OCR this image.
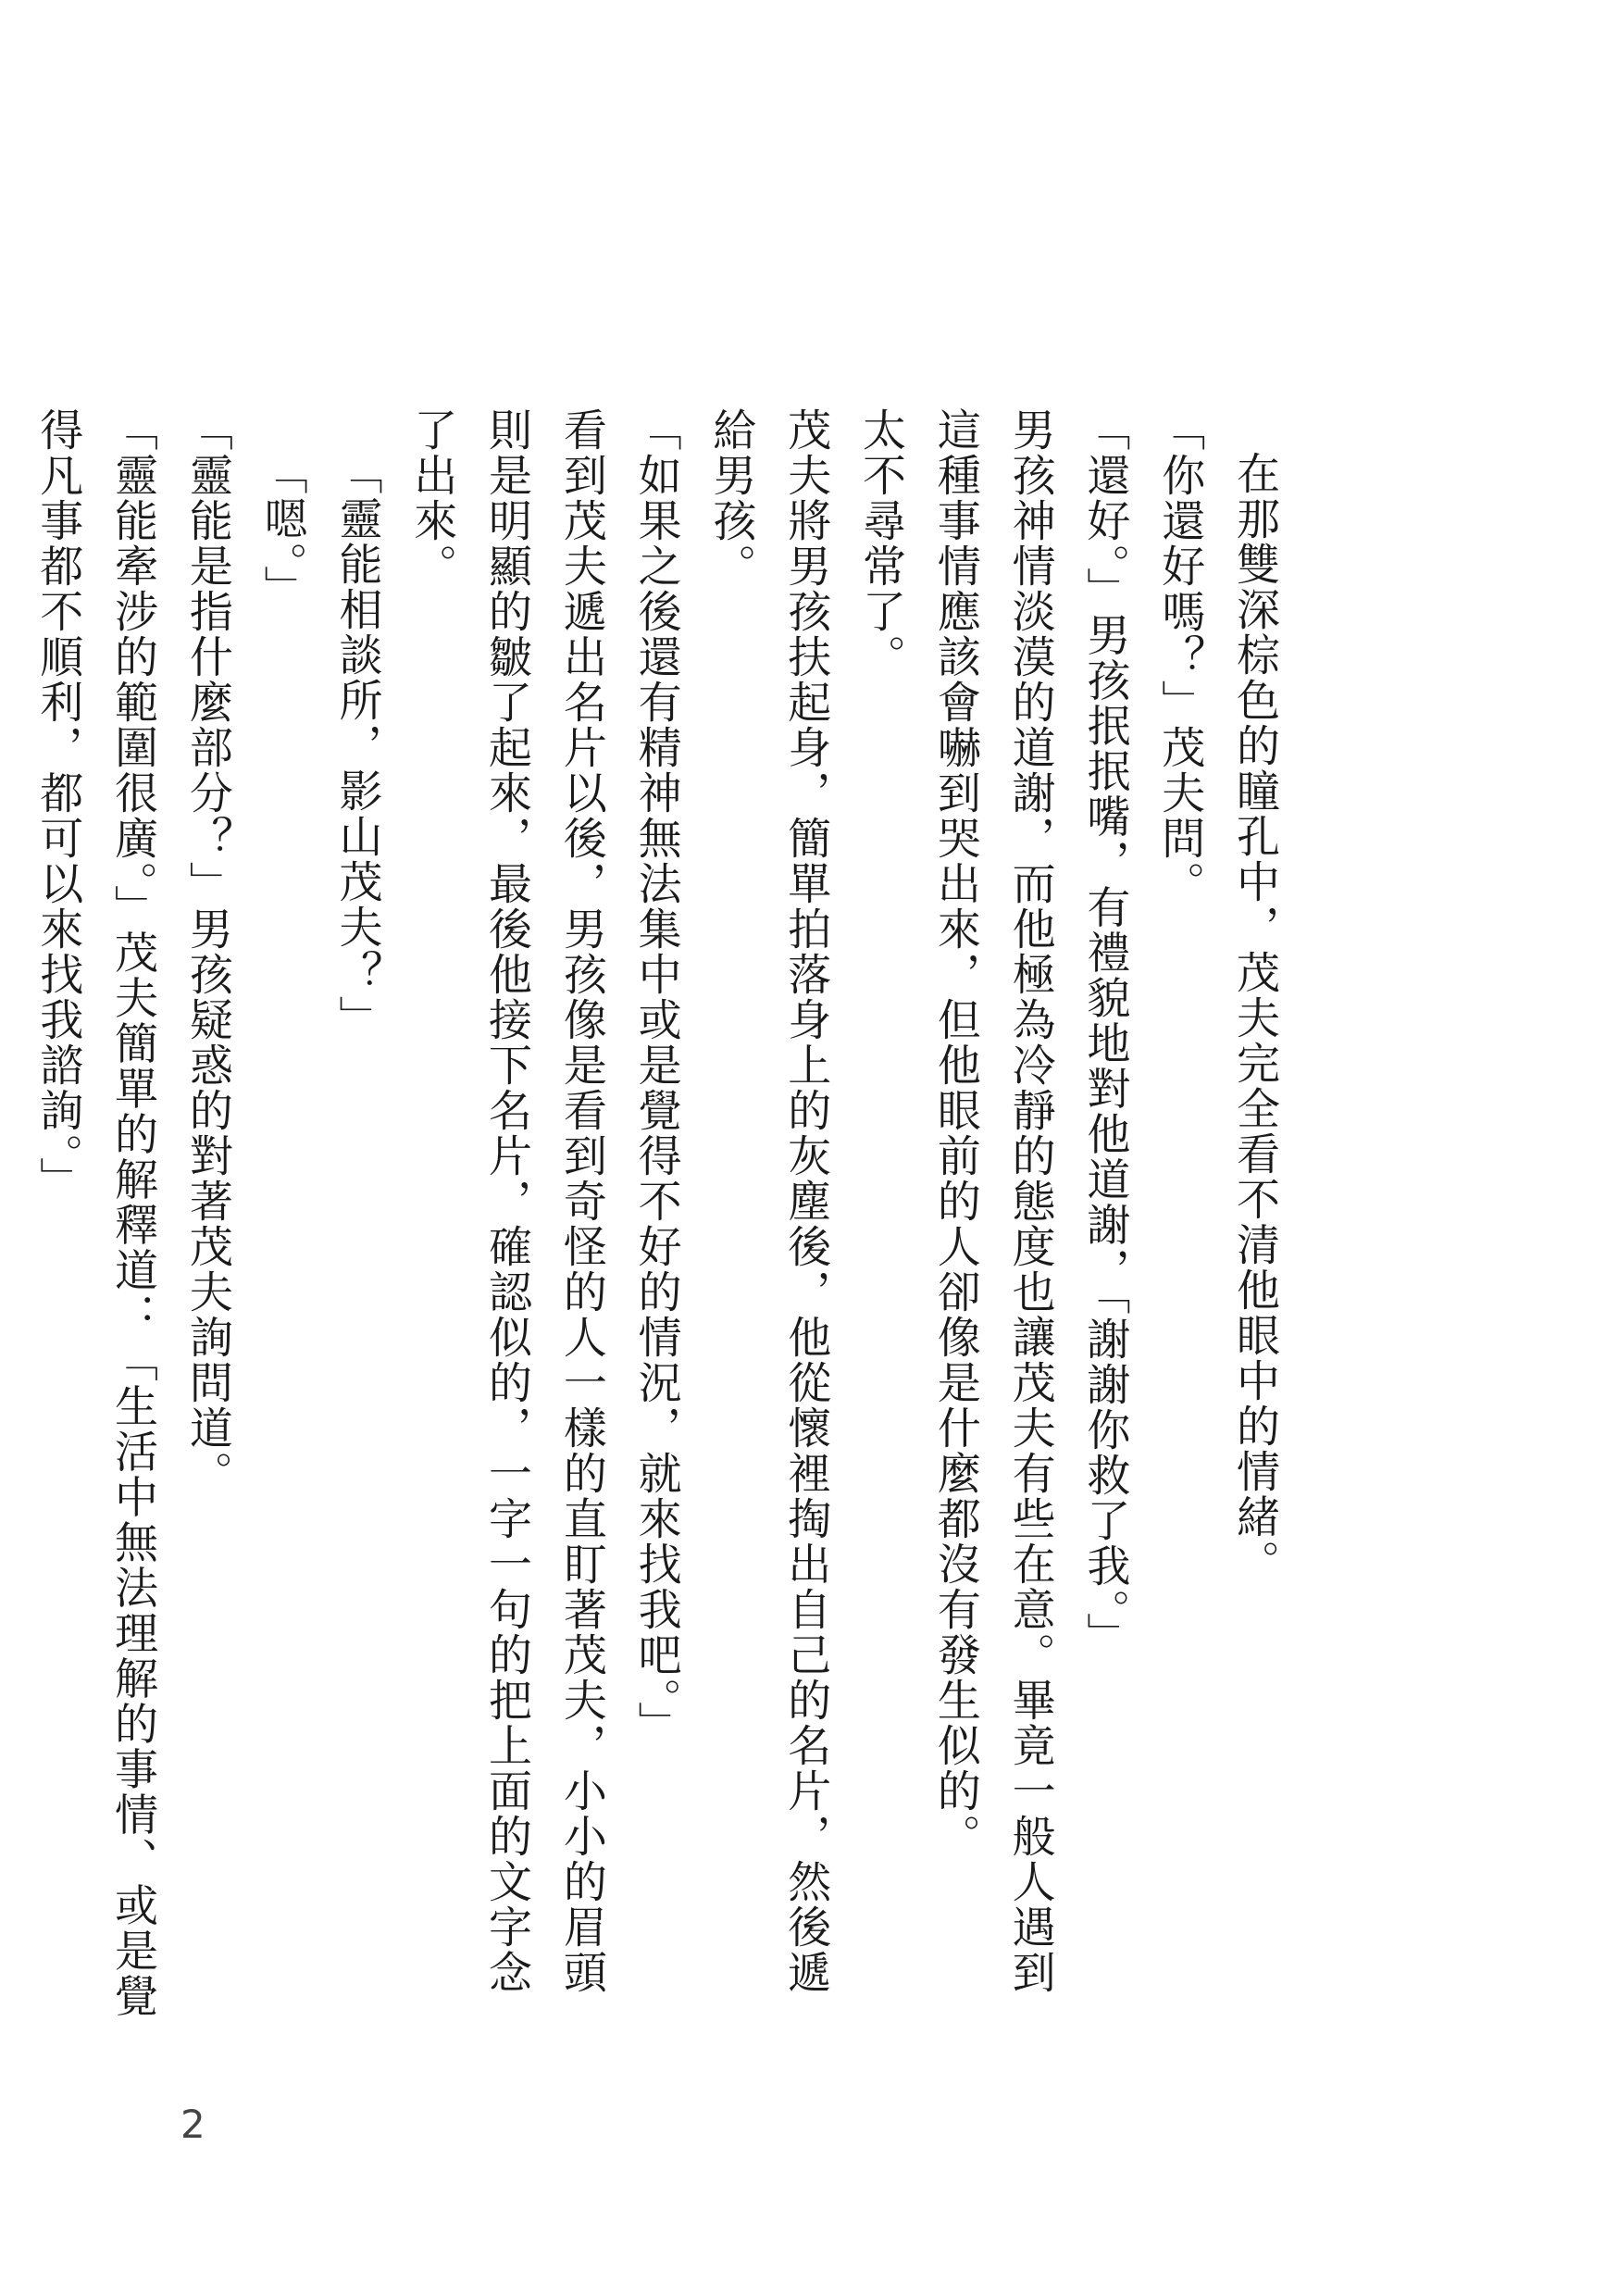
在那雙深棕色的瞳孔中，茂夫完全看不清他眼中的情緒。

「你還好嗎？」茂夫問。

「還好。」男孩抿抿嘴，有禮貌地對他道謝，「謝謝你救了我。」

男孩神情淡漠的道謝，而他極為冷靜的態度也讓茂夫有些在意。畢竟一般人遇到這種事情應該會嚇到哭出來，但他眼前的人卻像是什麼都沒有發生似的。

太不尋常了。

茂夫將男孩扶起身，簡單拍落身上的灰塵後，他從懷裡掏出自己的名片，然後遞給男孩。

「如果之後還有精神無法集中或是覺得不好的情況，就來找我吧。」

看到茂夫遞出名片以後，男孩像是看到奇怪的人一樣的直盯著茂夫，小小的眉頭則是明顯的皺了起來，最後他接下名片，確認似的，一字一句的把上面的文字念了出來。

「靈能相談所，影山茂夫？」

「嗯。」

「靈能是指什麼部分？」男孩疑惑的對著茂夫詢問道。

「靈能牽涉的範圍很廣。」茂夫簡單的解釋道：「生活中無法理解的事情、或是覺得凡事都不順利，都可以來找我諮詢。」

2
